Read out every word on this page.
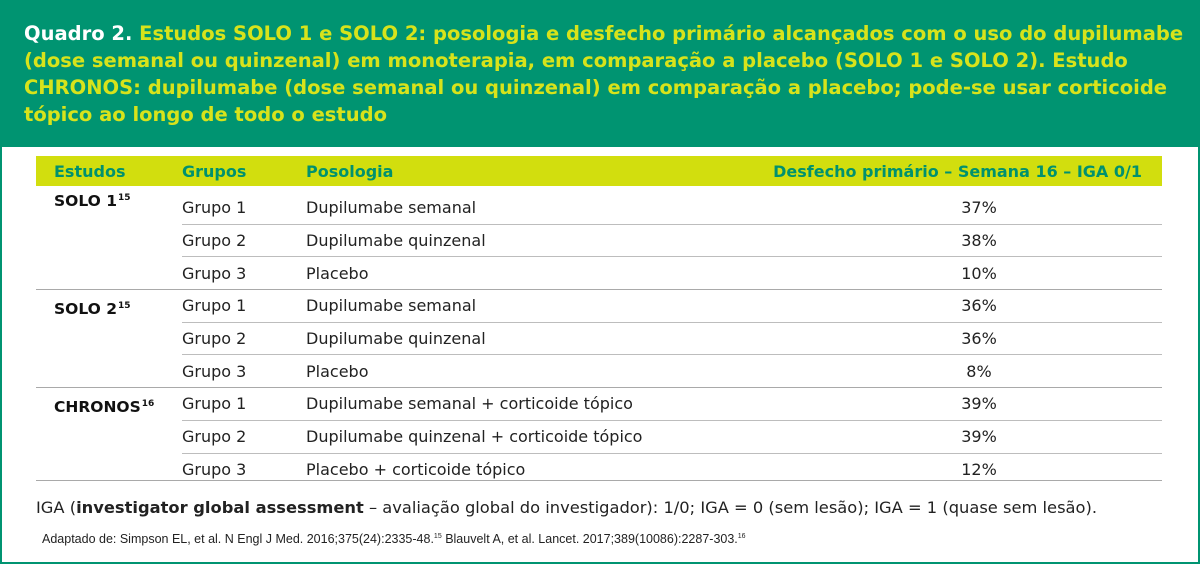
Quadro 2. Estudos SOLO 1 e SOLO 2: posologia e desfecho primário alcançados com o uso do dupilumabe (dose semanal ou quinzenal) em monoterapia, em comparação a placebo (SOLO 1 e SOLO 2). Estudo CHRONOS: dupilumabe (dose semanal ou quinzenal) em comparação a placebo; pode-se usar corticoide tópico ao longo de todo o estudo
Estudos	Grupos	Posologia	Desfecho primário – Semana 16 – IGA 0/1
SOLO $1^{15}$	Grupo 1	Dupilumabe semanal	37%
	Grupo 2	Dupilumabe quinzenal	38%
	Grupo 3	Placebo	10%
SOLO $2^{15}$	Grupo 1	Dupilumabe semanal	36%
	Grupo 2	Dupilumabe quinzenal	36%
	Grupo 3	Placebo	8%
CHRONOS$^{16}$	Grupo 1	Dupilumabe semanal + corticoide tópico	39%
	Grupo 2	Dupilumabe quinzenal + corticoide tópico	39%
	Grupo 3	Placebo + corticoide tópico	12%
IGA (investigator global assessment – avaliação global do investigador): 1/0; IGA = 0 (sem lesão); IGA = 1 (quase sem lesão).
Adaptado de: Simpson EL, et al. N Engl J Med. 2016;375(24):2335-48.15 Blauvelt A, et al. Lancet. 2017;389(10086):2287-303.16
